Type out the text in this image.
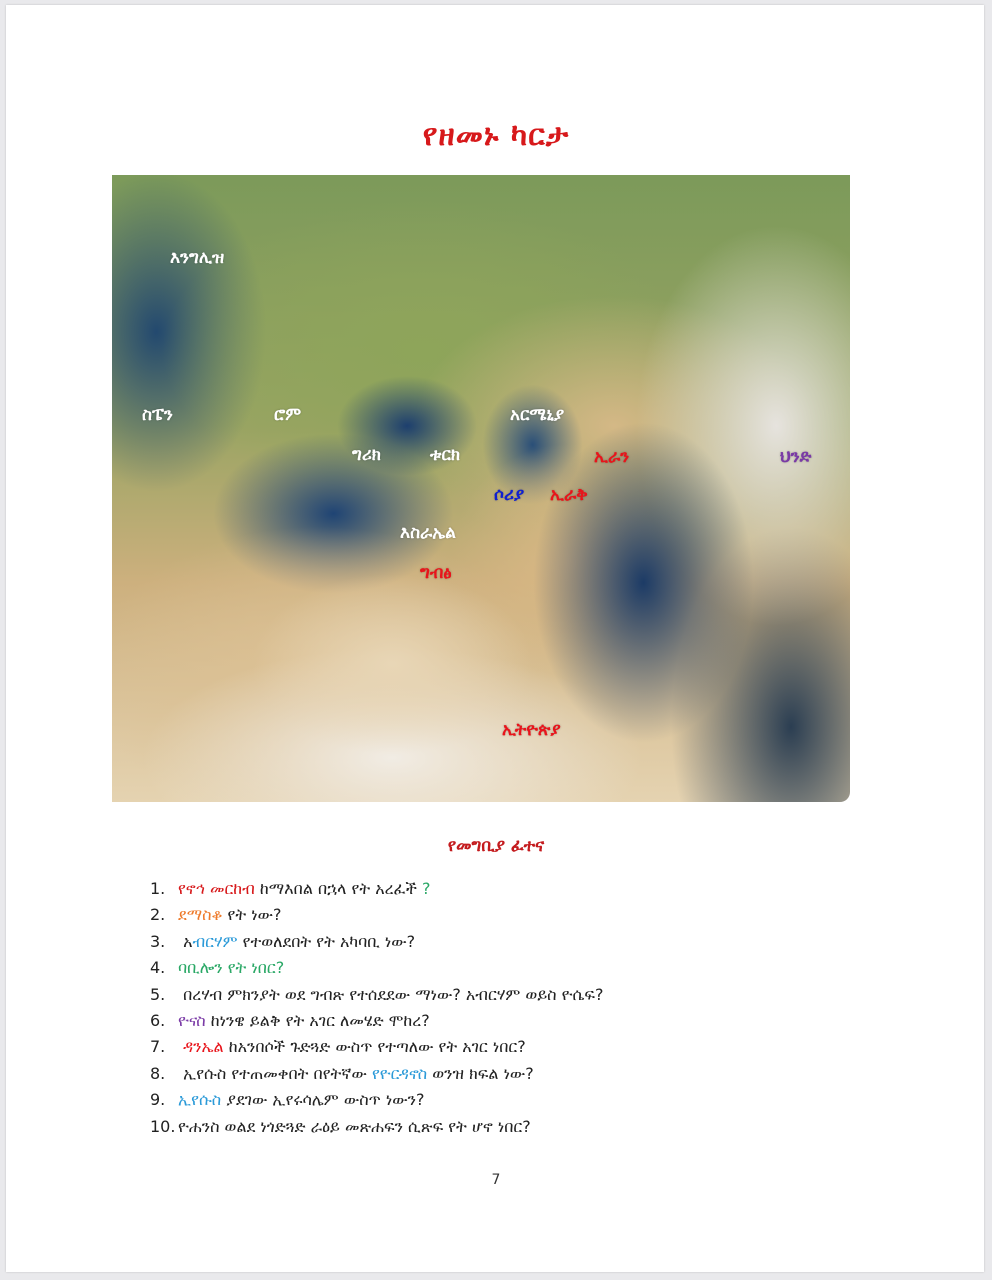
የዘመኑ ካርታ
እንግሊዝ
ስፔን	ሮም
ግሪክ	ቱርክ
አርሜኒያ
ኢራን	ህንድ
ሶሪያ ኢራቅ
እስራኤል
ግብፅ
ኢትዮጵያ
የመግቢያ ፈተና
1. የኖኅ መርከብ ከማእበል በኋላ የት አረፈች ?
2. ደማስቆ የት ነው?
3. አብርሃም የተወለደበት የት አካባቢ ነው?
4. ባቢሎን የት ነበር?
5. በረሃብ ምክንያት ወደ ግብጽ የተሰደደው ማነው? አብርሃም ወይስ ዮሴፍ?
6. ዮናስ ከነንዌ ይልቅ የት አገር ለመሄድ ሞከረ?
7. ዳንኤል ከአንበሶች ጉድጓድ ውስጥ የተጣለው የት አገር ነበር?
8. ኢየሱስ የተጠመቀበት በየትኛው የዮርዳኖስ ወንዝ ክፍል ነው?
9. ኢየሱስ ያደገው ኢየሩሳሌም ውስጥ ነውን?
10. ዮሐንስ ወልደ ነጎድጓድ ራዕይ መጽሐፍን ሲጽፍ የት ሆኖ ነበር?
7
